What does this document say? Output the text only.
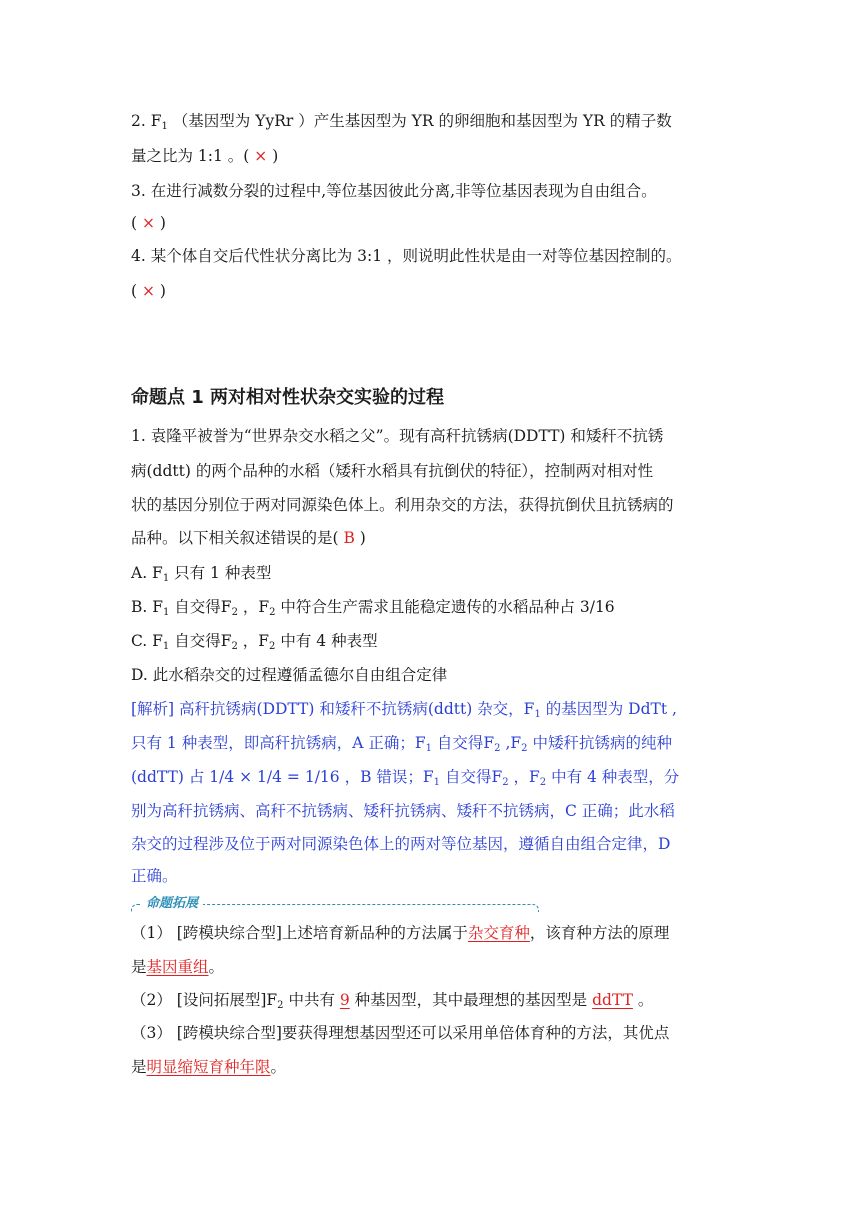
2. $F_1$ （基因型为 YyRr ）产生基因型为 YR 的卵细胞和基因型为 YR 的精子数
量之比为 1:1 。( × )
3. 在进行减数分裂的过程中,等位基因彼此分离,非等位基因表现为自由组合。
( × )
4. 某个体自交后代性状分离比为 3:1 ，则说明此性状是由一对等位基因控制的。
( × )
命题点 1 两对相对性状杂交实验的过程
1. 袁隆平被誉为“世界杂交水稻之父”。现有高秆抗锈病(DDTT) 和矮秆不抗锈
病(ddtt) 的两个品种的水稻（矮秆水稻具有抗倒伏的特征），控制两对相对性
状的基因分别位于两对同源染色体上。利用杂交的方法，获得抗倒伏且抗锈病的
品种。以下相关叙述错误的是( B )
A. $F_1$ 只有 1 种表型
B. $F_1$ 自交得$F_2$ ，$F_2$ 中符合生产需求且能稳定遗传的水稻品种占 3/16
C. $F_1$ 自交得$F_2$ ，$F_2$ 中有 4 种表型
D. 此水稻杂交的过程遵循孟德尔自由组合定律
[解析] 高秆抗锈病(DDTT) 和矮秆不抗锈病(ddtt) 杂交，$F_1$ 的基因型为 DdTt ,
只有 1 种表型，即高秆抗锈病，A 正确；$F_1$ 自交得$F_2$ $,F_2$ 中矮秆抗锈病的纯种
(ddTT) 占 1/4 × 1/4 = 1/16 ，B 错误；$F_1$ 自交得$F_2$ ，$F_2$ 中有 4 种表型，分
别为高秆抗锈病、高秆不抗锈病、矮秆抗锈病、矮秆不抗锈病，C 正确；此水稻
杂交的过程涉及位于两对同源染色体上的两对等位基因，遵循自由组合定律，D
正确。
命题拓展
（1） [跨模块综合型]上述培育新品种的方法属于杂交育种，该育种方法的原理
是基因重组。
（2） [设问拓展型]$F_2$ 中共有 9 种基因型，其中最理想的基因型是 ddTT 。
（3） [跨模块综合型]要获得理想基因型还可以采用单倍体育种的方法，其优点
是明显缩短育种年限。
